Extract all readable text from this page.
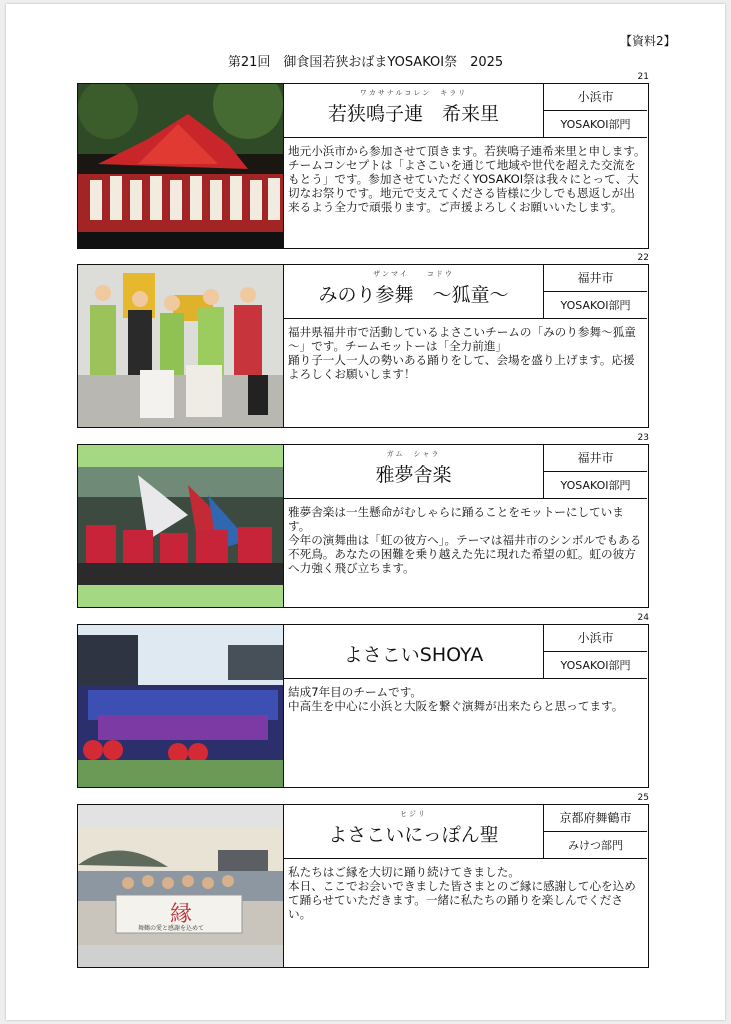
【資料2】
第21回　御食国若狭おばまYOSAKOI祭　2025
21
ワカサナルコレン　キラリ
若狭鳴子連　希来里
小浜市
YOSAKOI部門
地元小浜市から参加させて頂きます。若狭鳴子連希来里と申します。チームコンセプトは「よさこいを通じて地域や世代を超えた交流をもとう」です。参加させていただくYOSAKOI祭は我々にとって、大切なお祭りです。地元で支えてくださる皆様に少しでも恩返しが出来るよう全力で頑張ります。ご声援よろしくお願いいたします。
22
ザンマイ　　コドウ
みのり参舞　～狐童～
福井市
YOSAKOI部門
福井県福井市で活動しているよさこいチームの「みのり参舞～狐童～」です。チームモットーは「全力前進」
踊り子一人一人の勢いある踊りをして、会場を盛り上げます。応援よろしくお願いします！
23
ガム　シャラ
雅夢舎楽
福井市
YOSAKOI部門
雅夢舎楽は一生懸命がむしゃらに踊ることをモットーにしています。
今年の演舞曲は「虹の彼方へ」。テーマは福井市のシンボルでもある不死鳥。あなたの困難を乗り越えた先に現れた希望の虹。虹の彼方へ力強く飛び立ちます。
24
よさこいSHOYA
小浜市
YOSAKOI部門
結成7年目のチームです。
中高生を中心に小浜と大阪を繋ぐ演舞が出来たらと思ってます。
25
縁
舞鶴の愛と感謝を込めて
ヒジリ
よさこいにっぽん聖
京都府舞鶴市
みけつ部門
私たちはご縁を大切に踊り続けてきました。
本日、ここでお会いできました皆さまとのご縁に感謝して心を込めて踊らせていただきます。一緒に私たちの踊りを楽しんでください。
